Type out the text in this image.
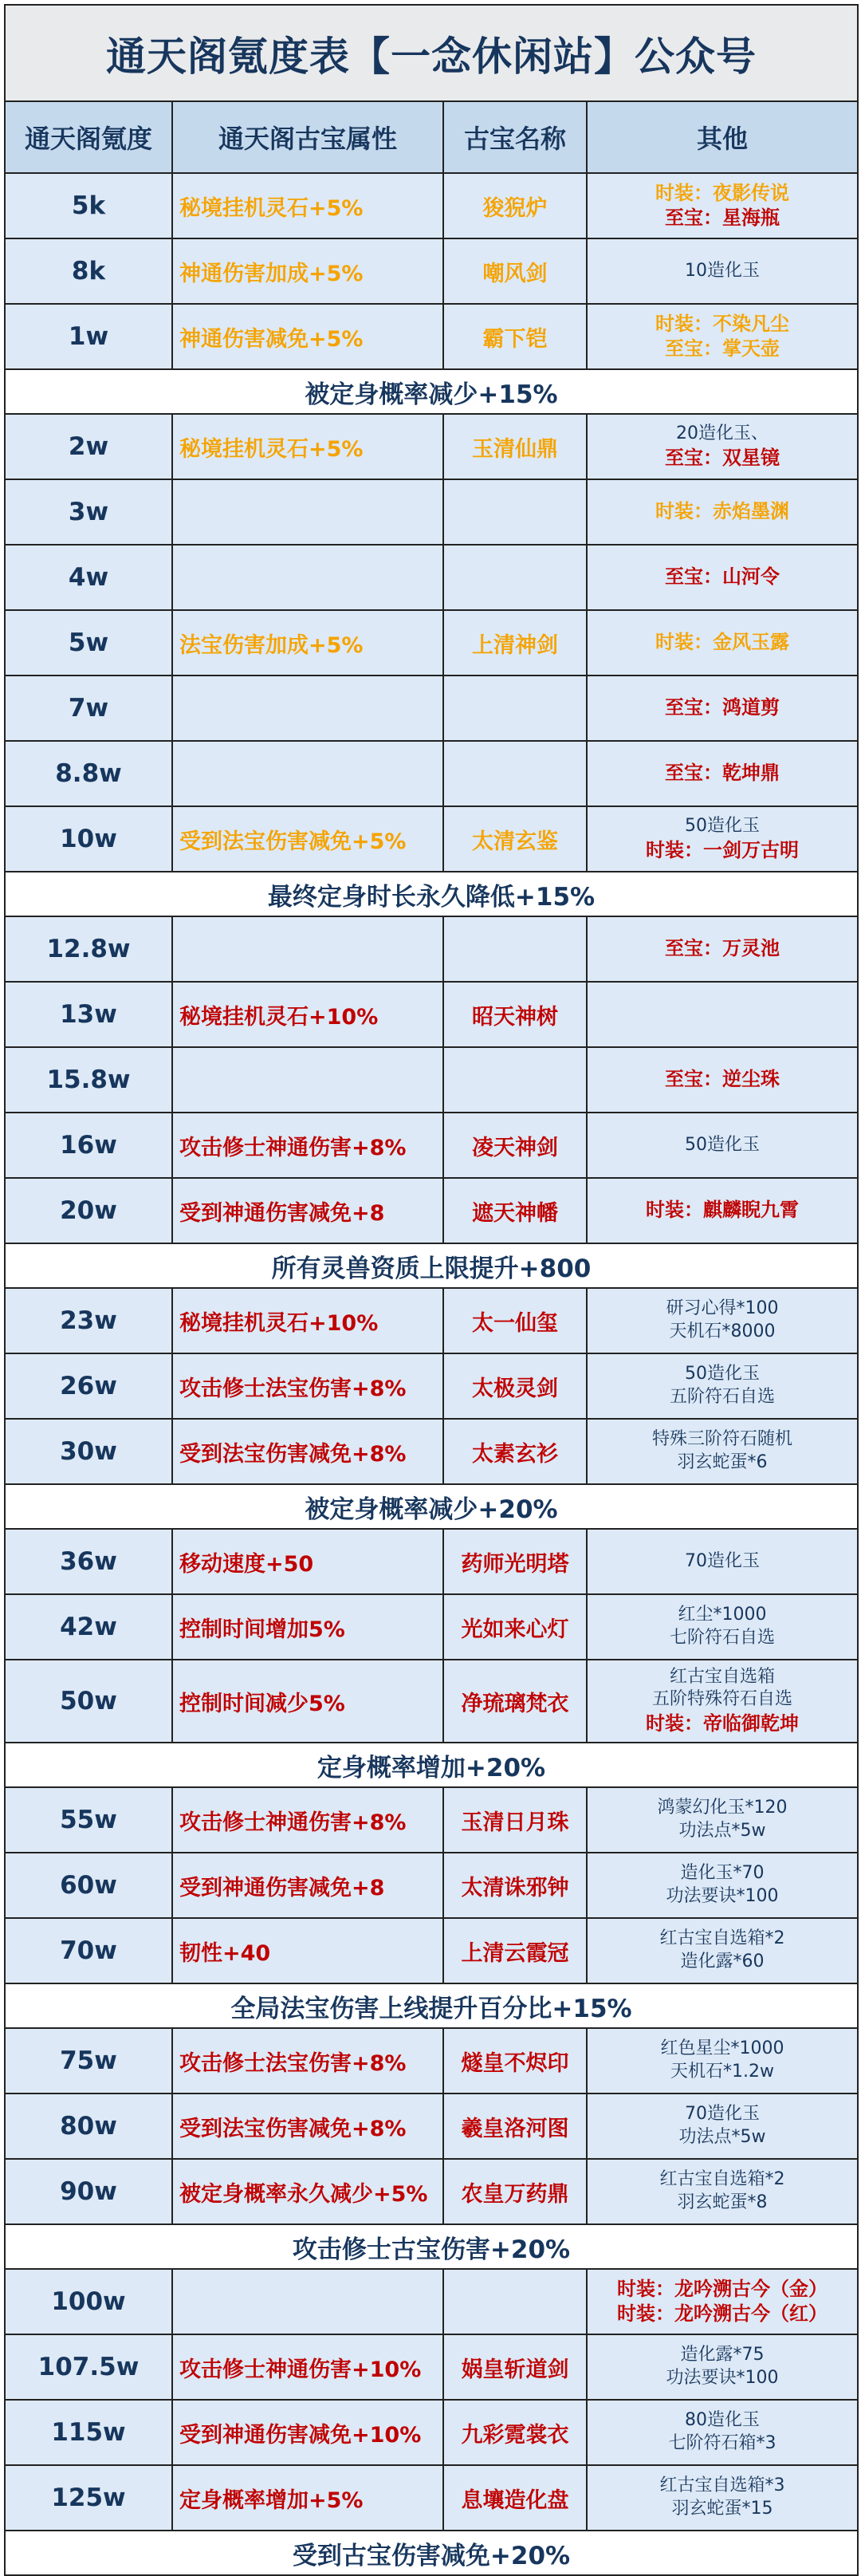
通天阁氪度表【一念休闲站】公众号			
通天阁氪度	通天阁古宝属性	古宝名称	其他
5k	秘境挂机灵石+5%	狻猊炉	时装：夜影传说
至宝：星海瓶

8k	神通伤害加成+5%	嘲风剑	10造化玉

1w	神通伤害减免+5%	霸下铠	时装：不染凡尘
至宝：掌天壶

被定身概率减少+15%			
2w	秘境挂机灵石+5%	玉清仙鼎	20造化玉、
至宝：双星镜

3w			时装：赤焰墨渊

4w			至宝：山河令

5w	法宝伤害加成+5%	上清神剑	时装：金风玉露

7w			至宝：鸿道剪

8.8w			至宝：乾坤鼎

10w	受到法宝伤害减免+5%	太清玄鉴	50造化玉
时装：一剑万古明

最终定身时长永久降低+15%			
12.8w			至宝：万灵池

13w	秘境挂机灵石+10%	昭天神树	
15.8w			至宝：逆尘珠

16w	攻击修士神通伤害+8%	凌天神剑	50造化玉

20w	受到神通伤害减免+8	遮天神幡	时装：麒麟睨九霄

所有灵兽资质上限提升+800			
23w	秘境挂机灵石+10%	太一仙玺	研习心得*100
天机石*8000

26w	攻击修士法宝伤害+8%	太极灵剑	50造化玉
五阶符石自选

30w	受到法宝伤害减免+8%	太素玄衫	特殊三阶符石随机
羽玄蛇蛋*6

被定身概率减少+20%			
36w	移动速度+50	药师光明塔	70造化玉

42w	控制时间增加5%	光如来心灯	红尘*1000
七阶符石自选

50w	控制时间减少5%	净琉璃梵衣	红古宝自选箱
五阶特殊符石自选
时装：帝临御乾坤

定身概率增加+20%			
55w	攻击修士神通伤害+8%	玉清日月珠	鸿蒙幻化玉*120
功法点*5w

60w	受到神通伤害减免+8	太清诛邪钟	造化玉*70
功法要诀*100

70w	韧性+40	上清云霞冠	红古宝自选箱*2
造化露*60

全局法宝伤害上线提升百分比+15%			
75w	攻击修士法宝伤害+8%	燧皇不烬印	红色星尘*1000
天机石*1.2w

80w	受到法宝伤害减免+8%	羲皇洛河图	70造化玉
功法点*5w

90w	被定身概率永久减少+5%	农皇万药鼎	红古宝自选箱*2
羽玄蛇蛋*8

攻击修士古宝伤害+20%			
100w			时装：龙吟溯古今（金）
时装：龙吟溯古今（红）

107.5w	攻击修士神通伤害+10%	娲皇斩道剑	造化露*75
功法要诀*100

115w	受到神通伤害减免+10%	九彩霓裳衣	80造化玉
七阶符石箱*3

125w	定身概率增加+5%	息壤造化盘	红古宝自选箱*3
羽玄蛇蛋*15

受到古宝伤害减免+20%			
